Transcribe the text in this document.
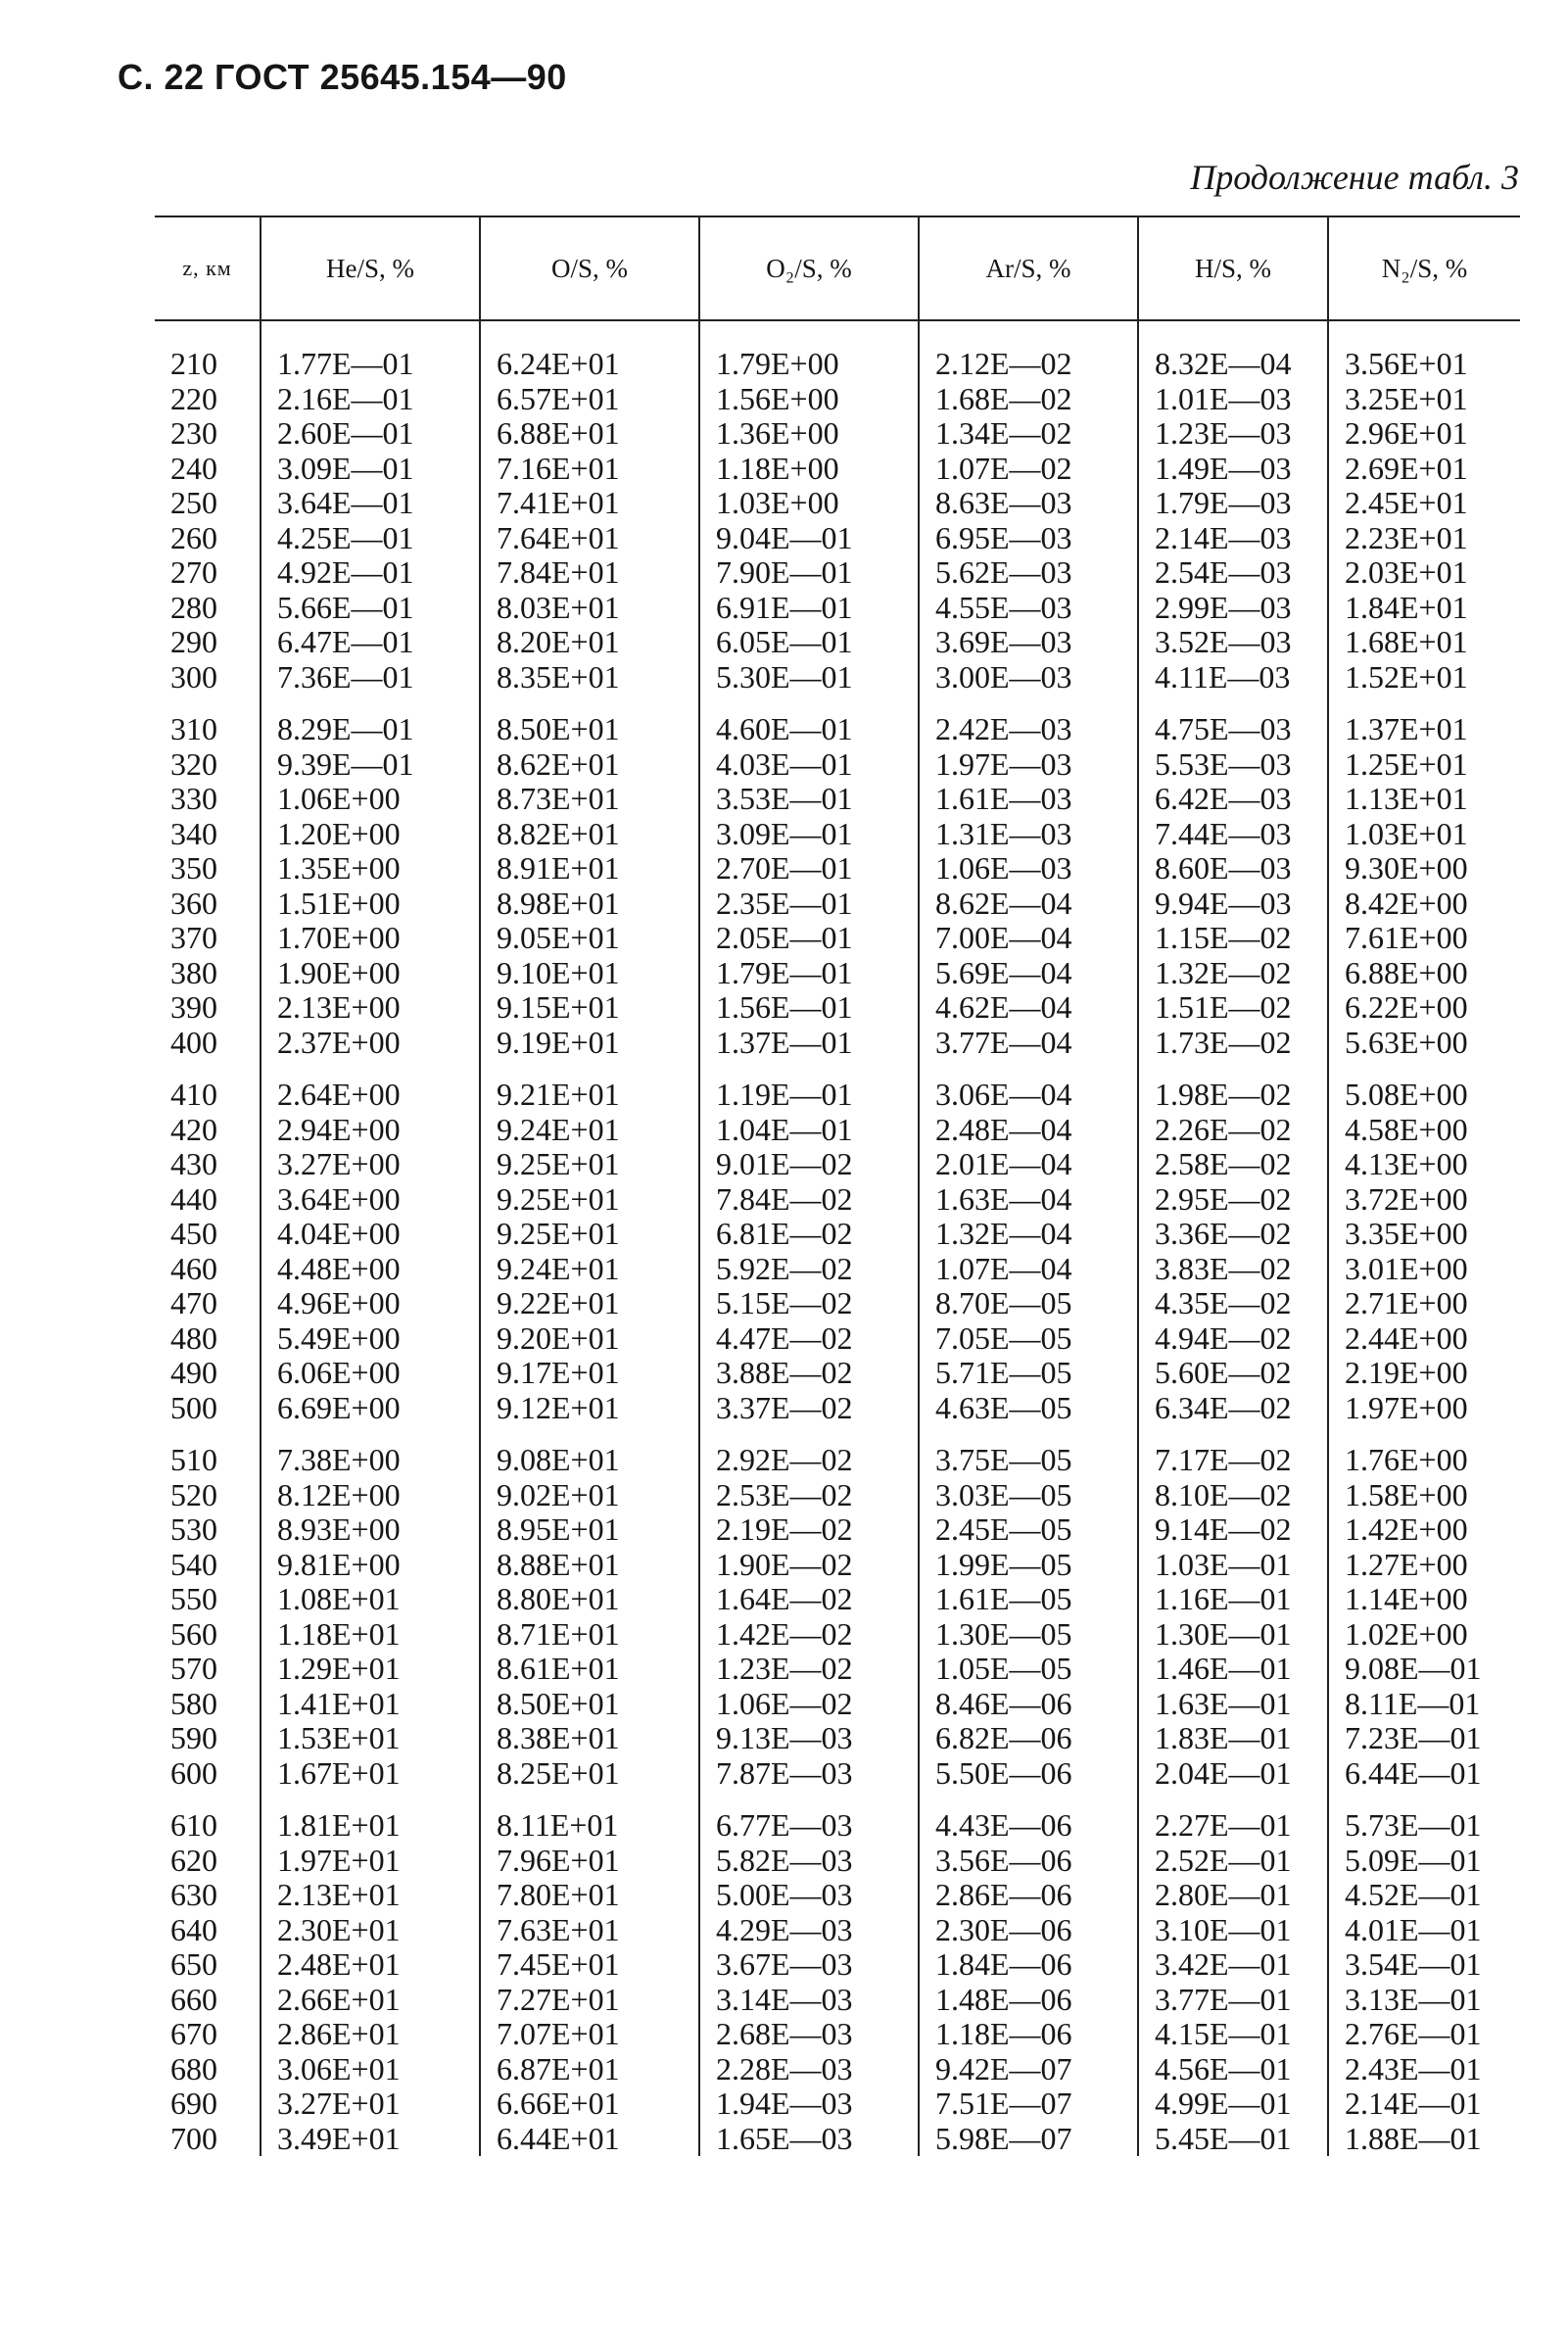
С. 22 ГОСТ 25645.154—90
Продолжение табл. 3
z, км	He/S, %	O/S, %	O₂/S, %	Ar/S, %	H/S, %	N₂/S, %
210	1.77E—01	6.24E+01	1.79E+00	2.12E—02	8.32E—04	3.56E+01
220	2.16E—01	6.57E+01	1.56E+00	1.68E—02	1.01E—03	3.25E+01
230	2.60E—01	6.88E+01	1.36E+00	1.34E—02	1.23E—03	2.96E+01
240	3.09E—01	7.16E+01	1.18E+00	1.07E—02	1.49E—03	2.69E+01
250	3.64E—01	7.41E+01	1.03E+00	8.63E—03	1.79E—03	2.45E+01
260	4.25E—01	7.64E+01	9.04E—01	6.95E—03	2.14E—03	2.23E+01
270	4.92E—01	7.84E+01	7.90E—01	5.62E—03	2.54E—03	2.03E+01
280	5.66E—01	8.03E+01	6.91E—01	4.55E—03	2.99E—03	1.84E+01
290	6.47E—01	8.20E+01	6.05E—01	3.69E—03	3.52E—03	1.68E+01
300	7.36E—01	8.35E+01	5.30E—01	3.00E—03	4.11E—03	1.52E+01
310	8.29E—01	8.50E+01	4.60E—01	2.42E—03	4.75E—03	1.37E+01
320	9.39E—01	8.62E+01	4.03E—01	1.97E—03	5.53E—03	1.25E+01
330	1.06E+00	8.73E+01	3.53E—01	1.61E—03	6.42E—03	1.13E+01
340	1.20E+00	8.82E+01	3.09E—01	1.31E—03	7.44E—03	1.03E+01
350	1.35E+00	8.91E+01	2.70E—01	1.06E—03	8.60E—03	9.30E+00
360	1.51E+00	8.98E+01	2.35E—01	8.62E—04	9.94E—03	8.42E+00
370	1.70E+00	9.05E+01	2.05E—01	7.00E—04	1.15E—02	7.61E+00
380	1.90E+00	9.10E+01	1.79E—01	5.69E—04	1.32E—02	6.88E+00
390	2.13E+00	9.15E+01	1.56E—01	4.62E—04	1.51E—02	6.22E+00
400	2.37E+00	9.19E+01	1.37E—01	3.77E—04	1.73E—02	5.63E+00
410	2.64E+00	9.21E+01	1.19E—01	3.06E—04	1.98E—02	5.08E+00
420	2.94E+00	9.24E+01	1.04E—01	2.48E—04	2.26E—02	4.58E+00
430	3.27E+00	9.25E+01	9.01E—02	2.01E—04	2.58E—02	4.13E+00
440	3.64E+00	9.25E+01	7.84E—02	1.63E—04	2.95E—02	3.72E+00
450	4.04E+00	9.25E+01	6.81E—02	1.32E—04	3.36E—02	3.35E+00
460	4.48E+00	9.24E+01	5.92E—02	1.07E—04	3.83E—02	3.01E+00
470	4.96E+00	9.22E+01	5.15E—02	8.70E—05	4.35E—02	2.71E+00
480	5.49E+00	9.20E+01	4.47E—02	7.05E—05	4.94E—02	2.44E+00
490	6.06E+00	9.17E+01	3.88E—02	5.71E—05	5.60E—02	2.19E+00
500	6.69E+00	9.12E+01	3.37E—02	4.63E—05	6.34E—02	1.97E+00
510	7.38E+00	9.08E+01	2.92E—02	3.75E—05	7.17E—02	1.76E+00
520	8.12E+00	9.02E+01	2.53E—02	3.03E—05	8.10E—02	1.58E+00
530	8.93E+00	8.95E+01	2.19E—02	2.45E—05	9.14E—02	1.42E+00
540	9.81E+00	8.88E+01	1.90E—02	1.99E—05	1.03E—01	1.27E+00
550	1.08E+01	8.80E+01	1.64E—02	1.61E—05	1.16E—01	1.14E+00
560	1.18E+01	8.71E+01	1.42E—02	1.30E—05	1.30E—01	1.02E+00
570	1.29E+01	8.61E+01	1.23E—02	1.05E—05	1.46E—01	9.08E—01
580	1.41E+01	8.50E+01	1.06E—02	8.46E—06	1.63E—01	8.11E—01
590	1.53E+01	8.38E+01	9.13E—03	6.82E—06	1.83E—01	7.23E—01
600	1.67E+01	8.25E+01	7.87E—03	5.50E—06	2.04E—01	6.44E—01
610	1.81E+01	8.11E+01	6.77E—03	4.43E—06	2.27E—01	5.73E—01
620	1.97E+01	7.96E+01	5.82E—03	3.56E—06	2.52E—01	5.09E—01
630	2.13E+01	7.80E+01	5.00E—03	2.86E—06	2.80E—01	4.52E—01
640	2.30E+01	7.63E+01	4.29E—03	2.30E—06	3.10E—01	4.01E—01
650	2.48E+01	7.45E+01	3.67E—03	1.84E—06	3.42E—01	3.54E—01
660	2.66E+01	7.27E+01	3.14E—03	1.48E—06	3.77E—01	3.13E—01
670	2.86E+01	7.07E+01	2.68E—03	1.18E—06	4.15E—01	2.76E—01
680	3.06E+01	6.87E+01	2.28E—03	9.42E—07	4.56E—01	2.43E—01
690	3.27E+01	6.66E+01	1.94E—03	7.51E—07	4.99E—01	2.14E—01
700	3.49E+01	6.44E+01	1.65E—03	5.98E—07	5.45E—01	1.88E—01
